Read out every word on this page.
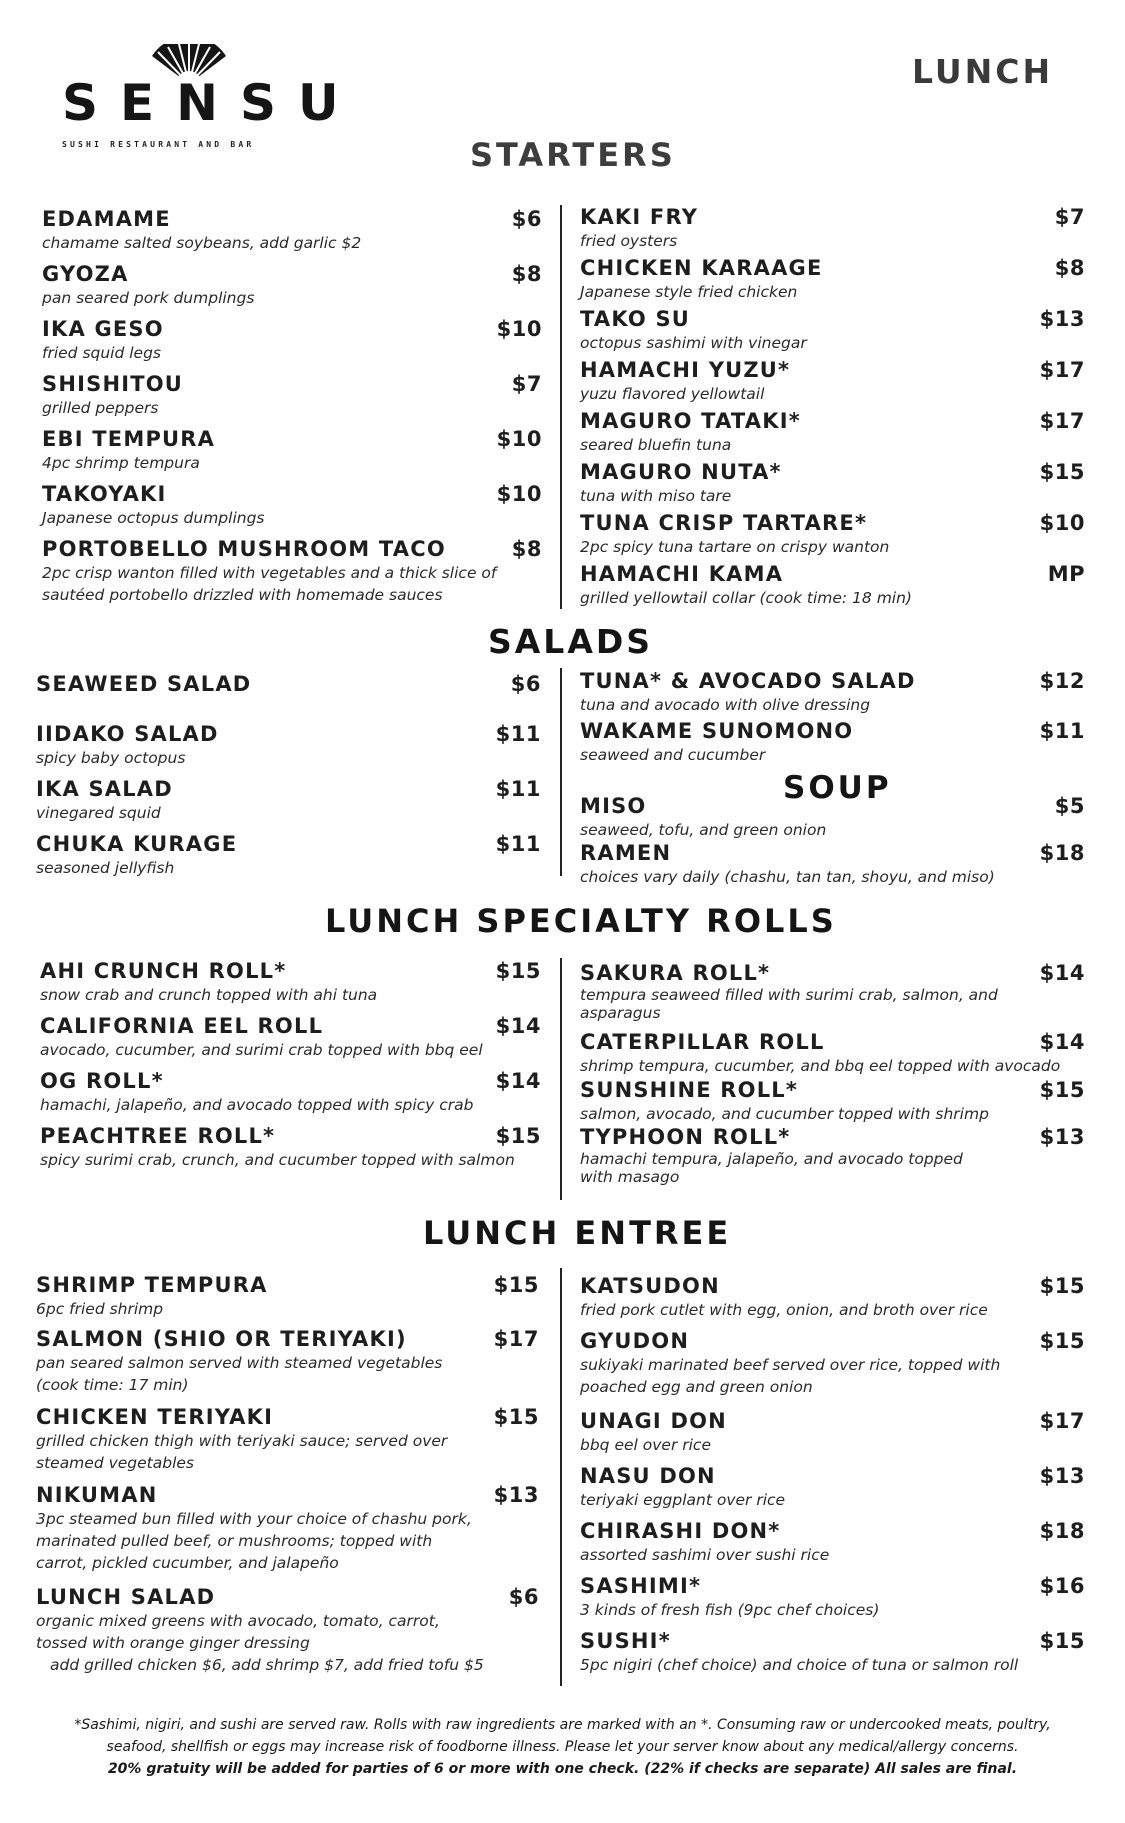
SENSU
SUSHI RESTAURANT AND BAR
LUNCH
STARTERS
EDAMAME	$6
chamame salted soybeans, add garlic $2
GYOZA	$8
pan seared pork dumplings
IKA GESO	$10
fried squid legs
SHISHITOU	$7
grilled peppers
EBI TEMPURA	$10
4pc shrimp tempura
TAKOYAKI	$10
Japanese octopus dumplings
PORTOBELLO MUSHROOM TACO	$8
2pc crisp wanton filled with vegetables and a thick slice of sautéed portobello drizzled with homemade sauces
KAKI FRY	$7
fried oysters
CHICKEN KARAAGE	$8
Japanese style fried chicken
TAKO SU	$13
octopus sashimi with vinegar
HAMACHI YUZU*	$17
yuzu flavored yellowtail
MAGURO TATAKI*	$17
seared bluefin tuna
MAGURO NUTA*	$15
tuna with miso tare
TUNA CRISP TARTARE*	$10
2pc spicy tuna tartare on crispy wanton
HAMACHI KAMA	MP
grilled yellowtail collar (cook time: 18 min)
SALADS
SEAWEED SALAD	$6
IIDAKO SALAD	$11
spicy baby octopus
IKA SALAD	$11
vinegared squid
CHUKA KURAGE	$11
seasoned jellyfish
TUNA* & AVOCADO SALAD	$12
tuna and avocado with olive dressing
WAKAME SUNOMONO	$11
seaweed and cucumber
SOUP
MISO	$5
seaweed, tofu, and green onion
RAMEN	$18
choices vary daily (chashu, tan tan, shoyu, and miso)
LUNCH SPECIALTY ROLLS
AHI CRUNCH ROLL*	$15
snow crab and crunch topped with ahi tuna
CALIFORNIA EEL ROLL	$14
avocado, cucumber, and surimi crab topped with bbq eel
OG ROLL*	$14
hamachi, jalapeño, and avocado topped with spicy crab
PEACHTREE ROLL*	$15
spicy surimi crab, crunch, and cucumber topped with salmon
SAKURA ROLL*	$14
tempura seaweed filled with surimi crab, salmon, and asparagus
CATERPILLAR ROLL	$14
shrimp tempura, cucumber, and bbq eel topped with avocado
SUNSHINE ROLL*	$15
salmon, avocado, and cucumber topped with shrimp
TYPHOON ROLL*	$13
hamachi tempura, jalapeño, and avocado topped with masago
LUNCH ENTREE
SHRIMP TEMPURA	$15
6pc fried shrimp
SALMON (SHIO OR TERIYAKI)	$17
pan seared salmon served with steamed vegetables (cook time: 17 min)
CHICKEN TERIYAKI	$15
grilled chicken thigh with teriyaki sauce; served over steamed vegetables
NIKUMAN	$13
3pc steamed bun filled with your choice of chashu pork, marinated pulled beef, or mushrooms; topped with carrot, pickled cucumber, and jalapeño
LUNCH SALAD	$6
organic mixed greens with avocado, tomato, carrot, tossed with orange ginger dressing
add grilled chicken $6, add shrimp $7, add fried tofu $5
KATSUDON	$15
fried pork cutlet with egg, onion, and broth over rice
GYUDON	$15
sukiyaki marinated beef served over rice, topped with poached egg and green onion
UNAGI DON	$17
bbq eel over rice
NASU DON	$13
teriyaki eggplant over rice
CHIRASHI DON*	$18
assorted sashimi over sushi rice
SASHIMI*	$16
3 kinds of fresh fish (9pc chef choices)
SUSHI*	$15
5pc nigiri (chef choice) and choice of tuna or salmon roll
*Sashimi, nigiri, and sushi are served raw. Rolls with raw ingredients are marked with an *. Consuming raw or undercooked meats, poultry,
seafood, shellfish or eggs may increase risk of foodborne illness. Please let your server know about any medical/allergy concerns.
20% gratuity will be added for parties of 6 or more with one check. (22% if checks are separate) All sales are final.
